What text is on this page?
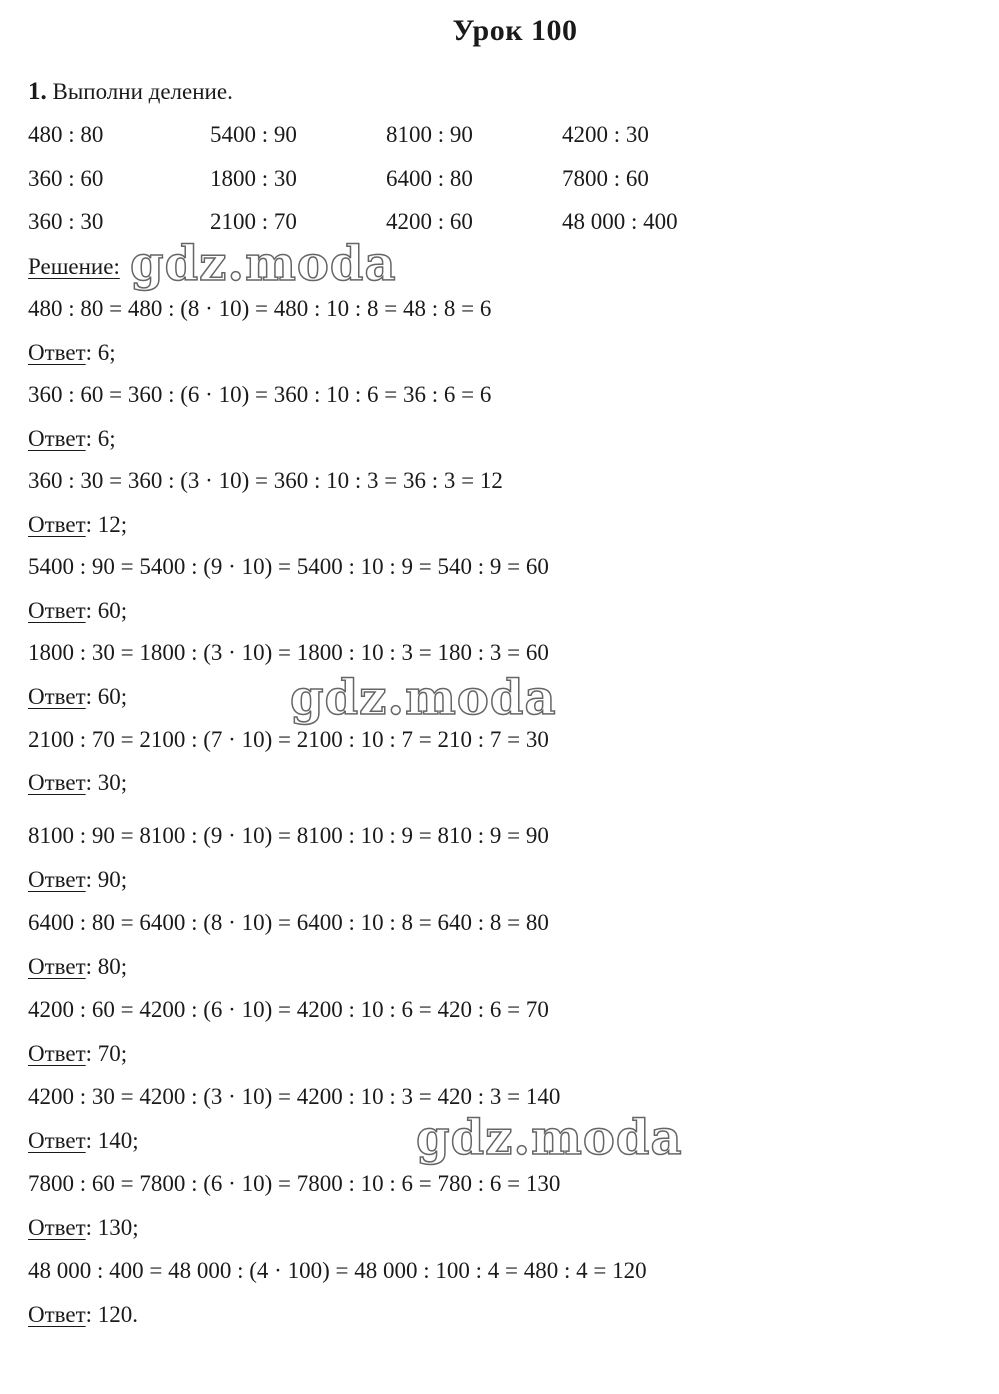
Урок 100
1. Выполни деление.
480 : 80	5400 : 90	8100 : 90	4200 : 30
360 : 60	1800 : 30	6400 : 80	7800 : 60
360 : 30	2100 : 70	4200 : 60	48 000 : 400
Решение:
480 : 80 = 480 : (8 · 10) = 480 : 10 : 8 = 48 : 8 = 6
Ответ: 6;
360 : 60 = 360 : (6 · 10) = 360 : 10 : 6 = 36 : 6 = 6
Ответ: 6;
360 : 30 = 360 : (3 · 10) = 360 : 10 : 3 = 36 : 3 = 12
Ответ: 12;
5400 : 90 = 5400 : (9 · 10) = 5400 : 10 : 9 = 540 : 9 = 60
Ответ: 60;
1800 : 30 = 1800 : (3 · 10) = 1800 : 10 : 3 = 180 : 3 = 60
Ответ: 60;
2100 : 70 = 2100 : (7 · 10) = 2100 : 10 : 7 = 210 : 7 = 30
Ответ: 30;
8100 : 90 = 8100 : (9 · 10) = 8100 : 10 : 9 = 810 : 9 = 90
Ответ: 90;
6400 : 80 = 6400 : (8 · 10) = 6400 : 10 : 8 = 640 : 8 = 80
Ответ: 80;
4200 : 60 = 4200 : (6 · 10) = 4200 : 10 : 6 = 420 : 6 = 70
Ответ: 70;
4200 : 30 = 4200 : (3 · 10) = 4200 : 10 : 3 = 420 : 3 = 140
Ответ: 140;
7800 : 60 = 7800 : (6 · 10) = 7800 : 10 : 6 = 780 : 6 = 130
Ответ: 130;
48 000 : 400 = 48 000 : (4 · 100) = 48 000 : 100 : 4 = 480 : 4 = 120
Ответ: 120.
gdz.moda
gdz.moda
gdz.moda
